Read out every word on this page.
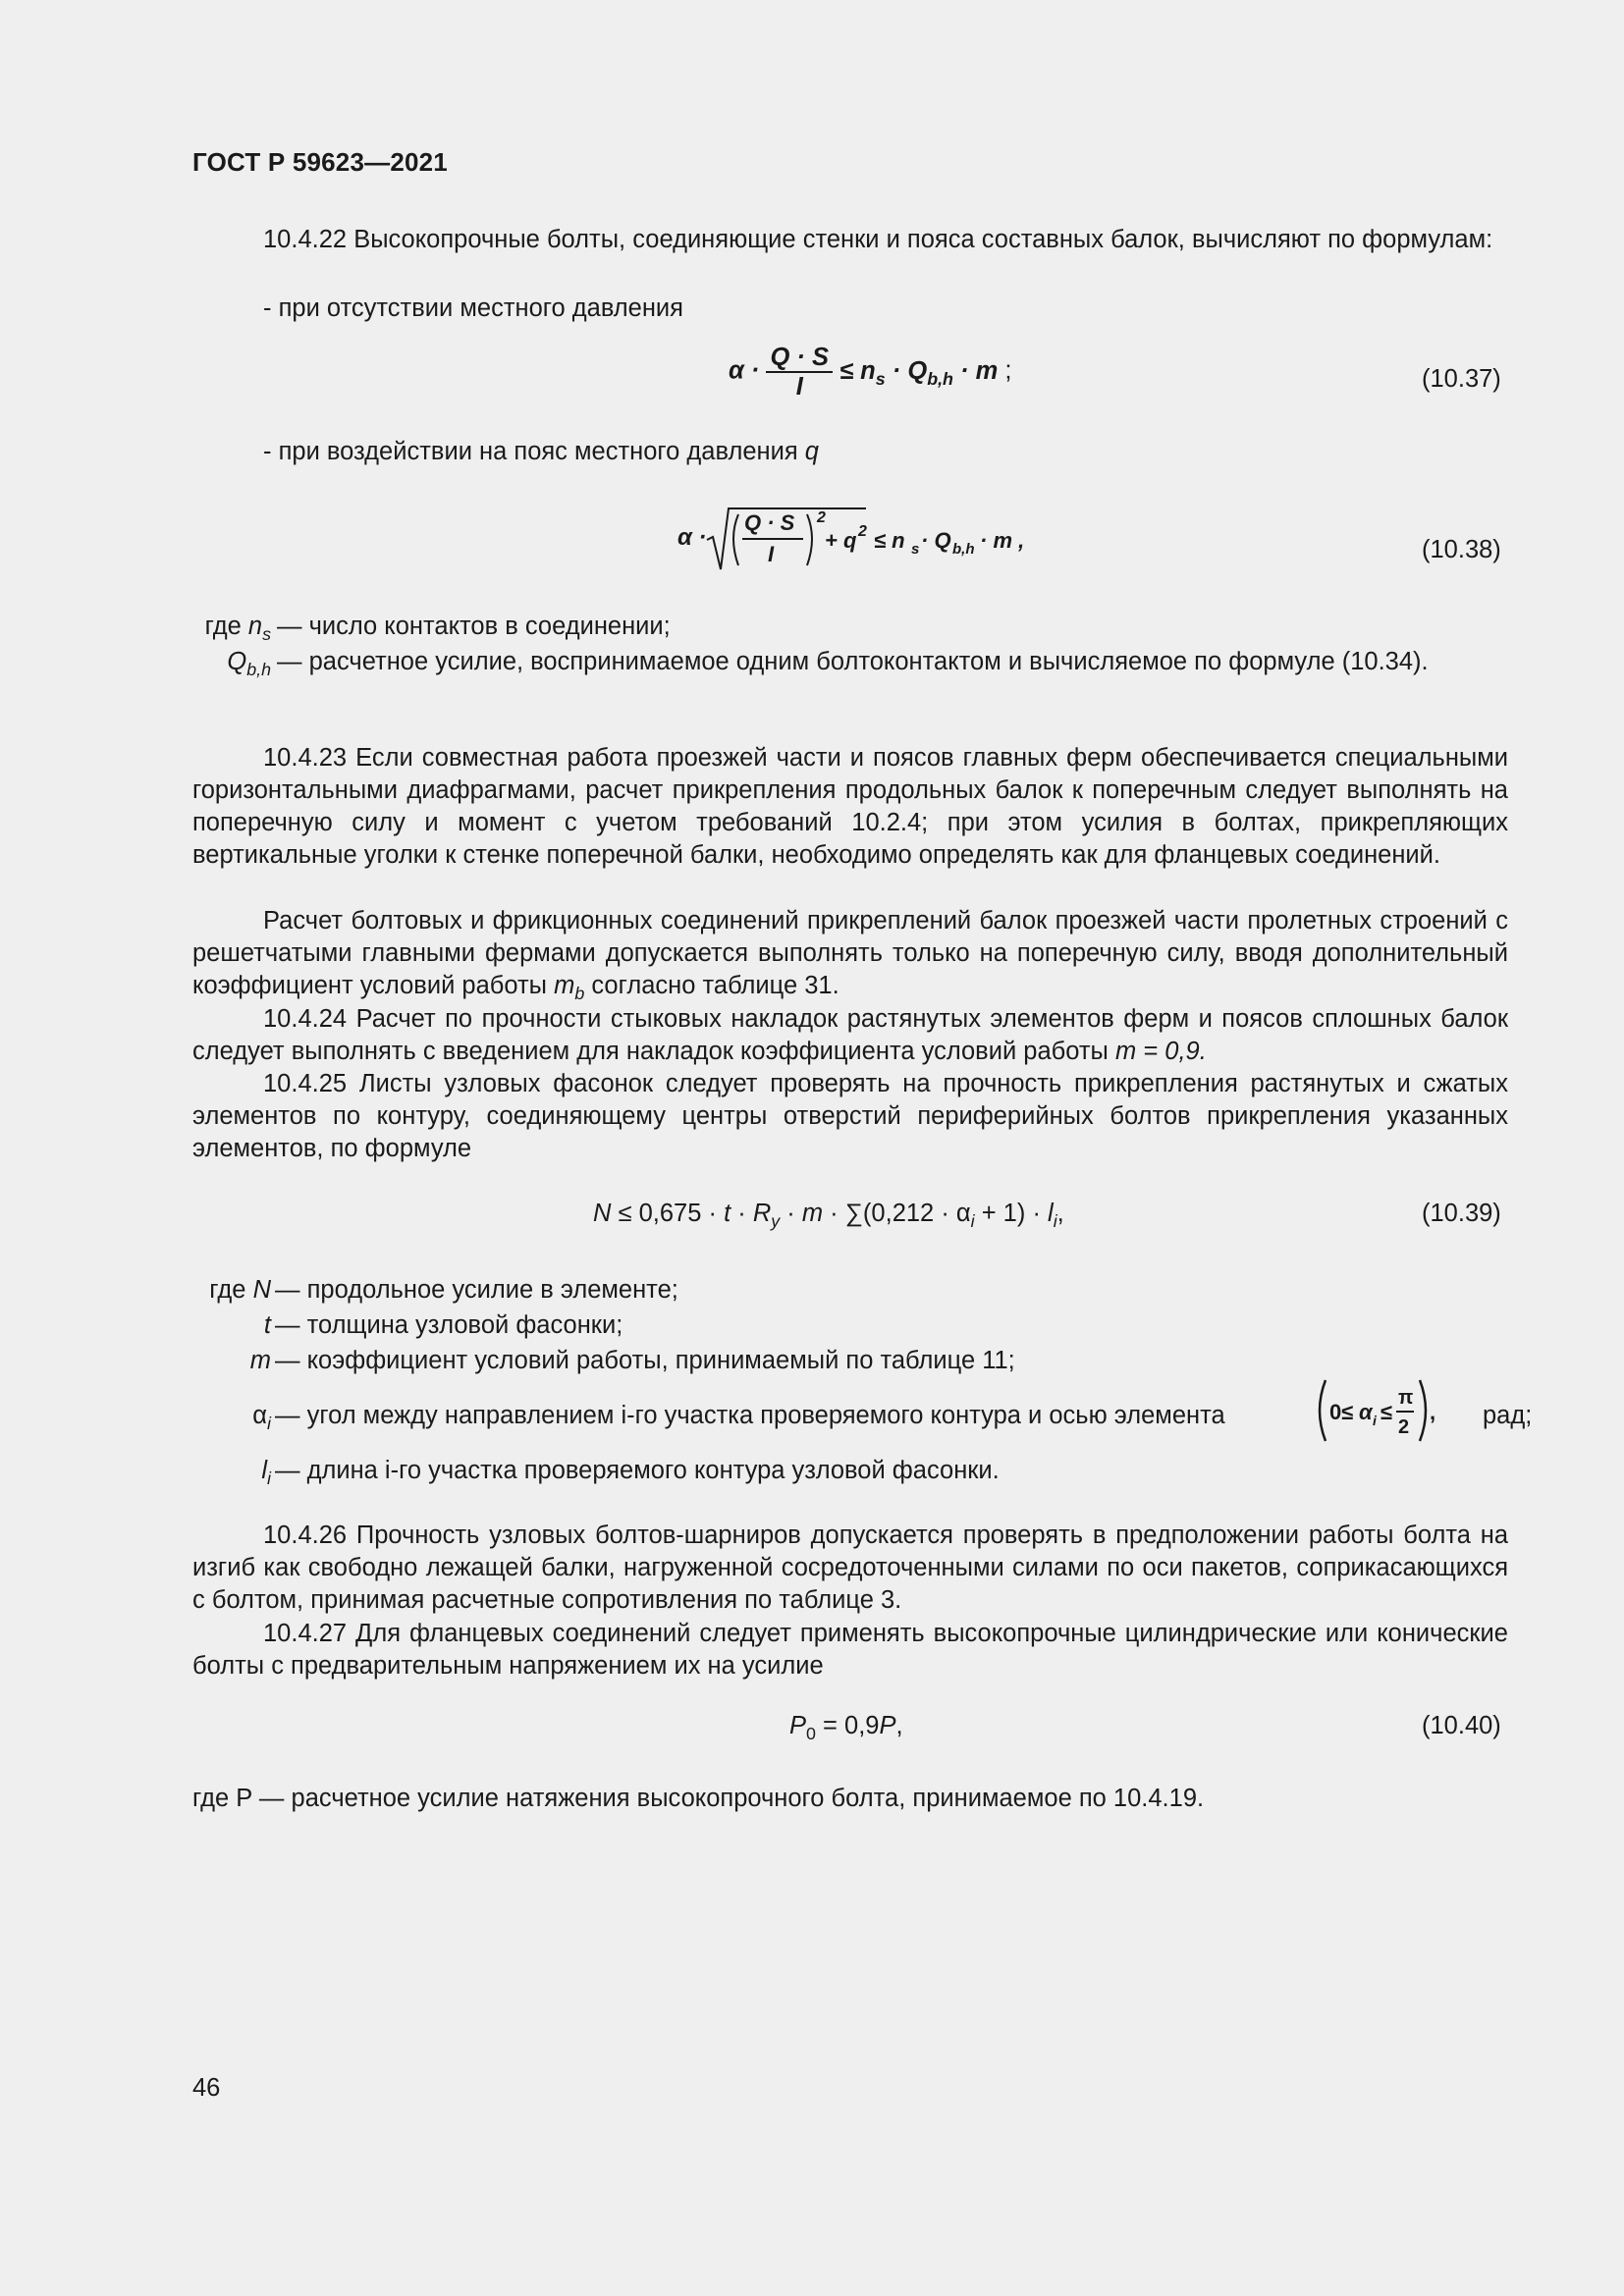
ГОСТ Р 59623—2021
10.4.22 Высокопрочные болты, соединяющие стенки и пояса составных балок, вычисляют по формулам:
- при отсутствии местного давления
$\alpha \cdot \frac{Q \cdot S}{I} \le n_s \cdot Q_{b,h} \cdot m$ ;	(10.37)
- при воздействии на пояс местного давления q
α ·
Q · S
I
2
+ q 2 ≤ n s · Q b,h · m ,	(10.38)
где $n_s$ — число контактов в соединении;
$Q_{b,h}$ — расчетное усилие, воспринимаемое одним болтоконтактом и вычисляемое по формуле (10.34).
10.4.23 Если совместная работа проезжей части и поясов главных ферм обеспечивается специальными горизонтальными диафрагмами, расчет прикрепления продольных балок к поперечным следует выполнять на поперечную силу и момент с учетом требований 10.2.4; при этом усилия в болтах, прикрепляющих вертикальные уголки к стенке поперечной балки, необходимо определять как для фланцевых соединений.
Расчет болтовых и фрикционных соединений прикреплений балок проезжей части пролетных строений с решетчатыми главными фермами допускается выполнять только на поперечную силу, вводя дополнительный коэффициент условий работы $m_b$ согласно таблице 31.
10.4.24 Расчет по прочности стыковых накладок растянутых элементов ферм и поясов сплошных балок следует выполнять с введением для накладок коэффициента условий работы m = 0,9.
10.4.25 Листы узловых фасонок следует проверять на прочность прикрепления растянутых и сжатых элементов по контуру, соединяющему центры отверстий периферийных болтов прикрепления указанных элементов, по формуле
$N \le 0,675 \cdot t \cdot R_y \cdot m \cdot \sum(0,212 \cdot \alpha_i + 1) \cdot l_i$,	(10.39)
где N — продольное усилие в элементе;
t — толщина узловой фасонки;
m — коэффициент условий работы, принимаемый по таблице 11;
$\alpha_i$ — угол между направлением i-го участка проверяемого контура и осью элемента	0≤ α i ≤
π
2
, рад;
$l_i$ — длина i-го участка проверяемого контура узловой фасонки.
10.4.26 Прочность узловых болтов-шарниров допускается проверять в предположении работы болта на изгиб как свободно лежащей балки, нагруженной сосредоточенными силами по оси пакетов, соприкасающихся с болтом, принимая расчетные сопротивления по таблице 3.
10.4.27 Для фланцевых соединений следует применять высокопрочные цилиндрические или конические болты с предварительным напряжением их на усилие
$P_0 = 0,9P$,	(10.40)
где P — расчетное усилие натяжения высокопрочного болта, принимаемое по 10.4.19.
46
